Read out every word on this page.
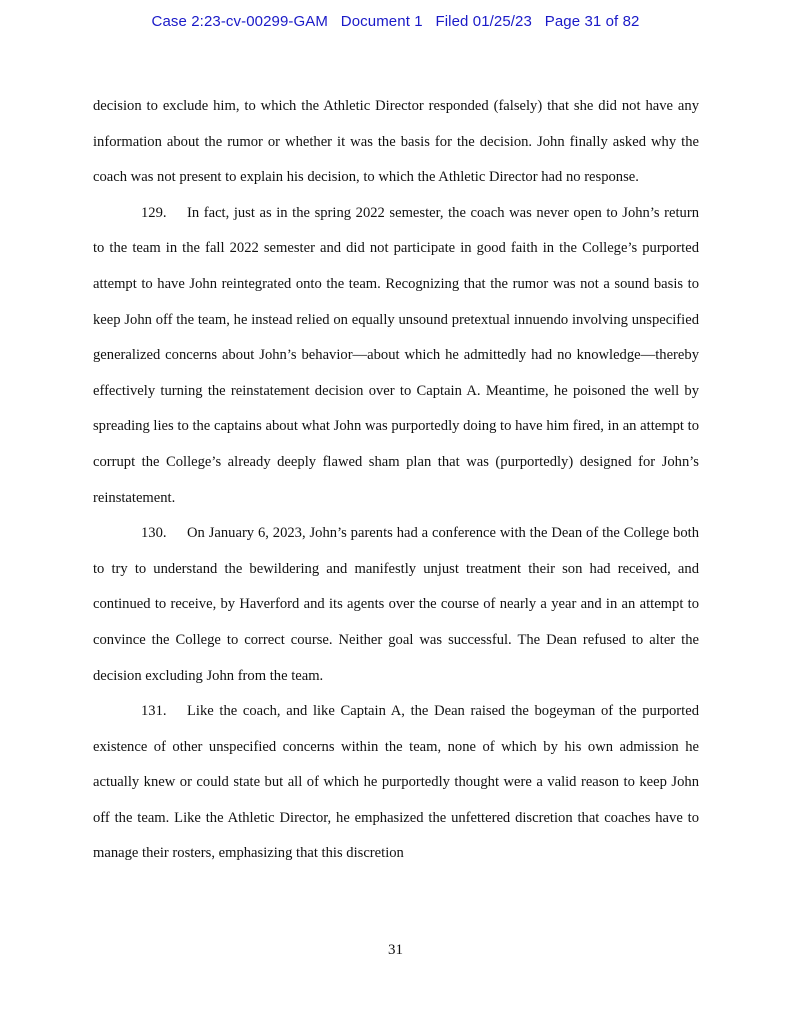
Case 2:23-cv-00299-GAM   Document 1   Filed 01/25/23   Page 31 of 82

decision to exclude him, to which the Athletic Director responded (falsely) that she did not have any information about the rumor or whether it was the basis for the decision. John finally asked why the coach was not present to explain his decision, to which the Athletic Director had no response.

129. In fact, just as in the spring 2022 semester, the coach was never open to John’s return to the team in the fall 2022 semester and did not participate in good faith in the College’s purported attempt to have John reintegrated onto the team. Recognizing that the rumor was not a sound basis to keep John off the team, he instead relied on equally unsound pretextual innuendo involving unspecified generalized concerns about John’s behavior—about which he admittedly had no knowledge—thereby effectively turning the reinstatement decision over to Captain A. Meantime, he poisoned the well by spreading lies to the captains about what John was purportedly doing to have him fired, in an attempt to corrupt the College’s already deeply flawed sham plan that was (purportedly) designed for John’s reinstatement.

130. On January 6, 2023, John’s parents had a conference with the Dean of the College both to try to understand the bewildering and manifestly unjust treatment their son had received, and continued to receive, by Haverford and its agents over the course of nearly a year and in an attempt to convince the College to correct course. Neither goal was successful. The Dean refused to alter the decision excluding John from the team.

131. Like the coach, and like Captain A, the Dean raised the bogeyman of the purported existence of other unspecified concerns within the team, none of which by his own admission he actually knew or could state but all of which he purportedly thought were a valid reason to keep John off the team. Like the Athletic Director, he emphasized the unfettered discretion that coaches have to manage their rosters, emphasizing that this discretion

31
